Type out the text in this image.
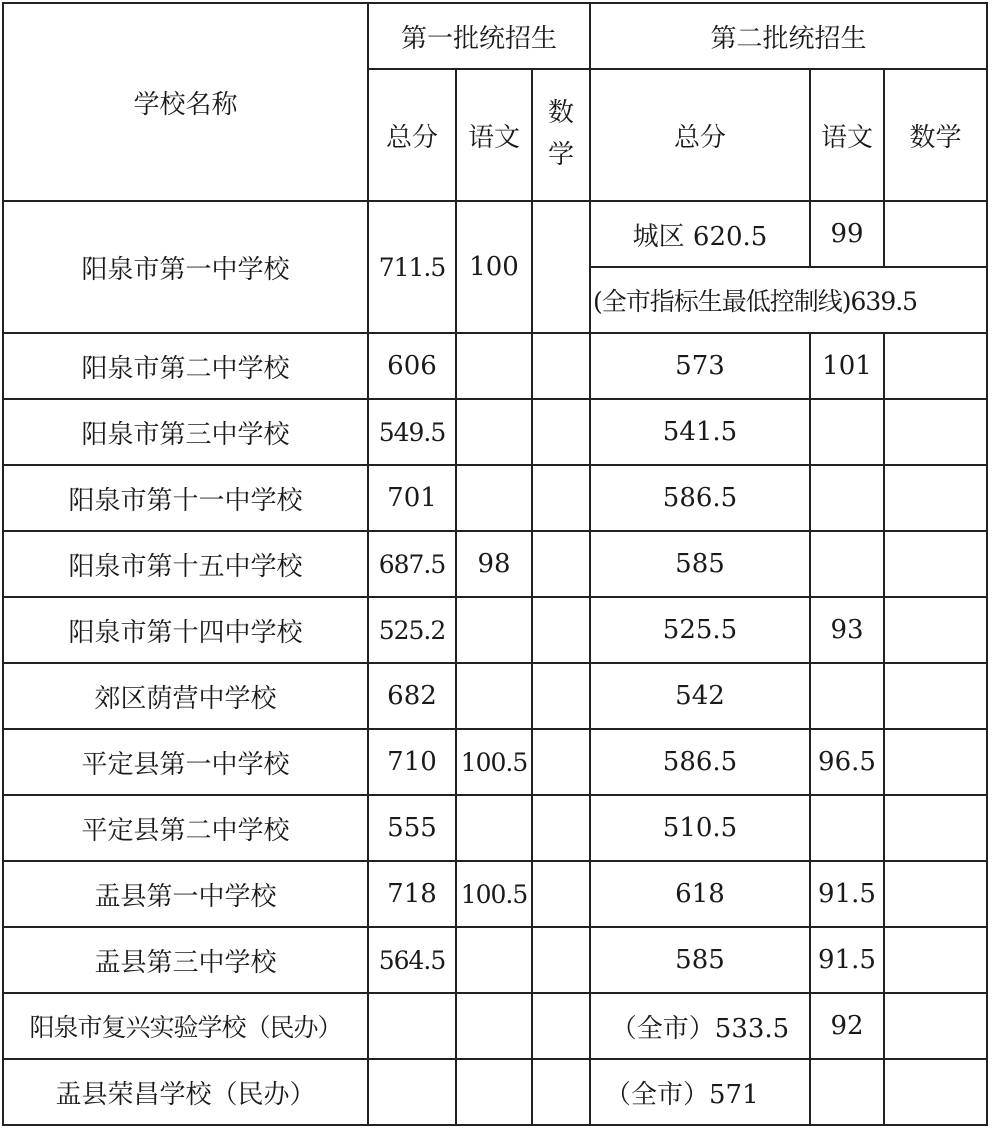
学校名称	第一批统招生			第二批统招生		
	总分	语文	数学	总分	语文	数学
阳泉市第一中学校	711.5	100		城区 620.5	99	
				(全市指标生最低控制线)639.5		
阳泉市第二中学校	606			573	101	
阳泉市第三中学校	549.5			541.5		
阳泉市第十一中学校	701			586.5		
阳泉市第十五中学校	687.5	98		585		
阳泉市第十四中学校	525.2			525.5	93	
郊区荫营中学校	682			542		
平定县第一中学校	710	100.5		586.5	96.5	
平定县第二中学校	555			510.5		
盂县第一中学校	718	100.5		618	91.5	
盂县第三中学校	564.5			585	91.5	
阳泉市复兴实验学校（民办）				（全市）533.5	92	
盂县荣昌学校（民办）				（全市）571		
